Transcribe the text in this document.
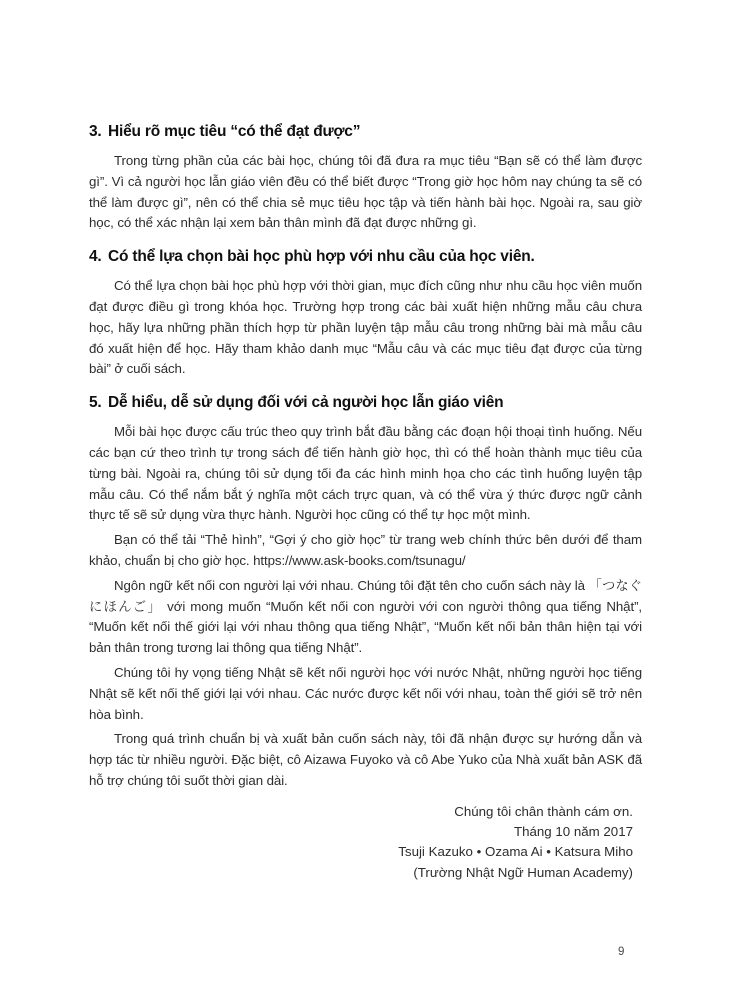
3. Hiểu rõ mục tiêu “có thể đạt được”

Trong từng phần của các bài học, chúng tôi đã đưa ra mục tiêu “Bạn sẽ có thể làm được gì”. Vì cả người học lẫn giáo viên đều có thể biết được “Trong giờ học hôm nay chúng ta sẽ có thể làm được gì”, nên có thể chia sẻ mục tiêu học tập và tiến hành bài học. Ngoài ra, sau giờ học, có thể xác nhận lại xem bản thân mình đã đạt được những gì.

4. Có thể lựa chọn bài học phù hợp với nhu cầu của học viên.

Có thể lựa chọn bài học phù hợp với thời gian, mục đích cũng như nhu cầu học viên muốn đạt được điều gì trong khóa học. Trường hợp trong các bài xuất hiện những mẫu câu chưa học, hãy lựa những phần thích hợp từ phần luyện tập mẫu câu trong những bài mà mẫu câu đó xuất hiện để học. Hãy tham khảo danh mục “Mẫu câu và các mục tiêu đạt được của từng bài” ở cuối sách.

5. Dễ hiểu, dễ sử dụng đối với cả người học lẫn giáo viên

Mỗi bài học được cấu trúc theo quy trình bắt đầu bằng các đoạn hội thoại tình huống. Nếu các bạn cứ theo trình tự trong sách để tiến hành giờ học, thì có thể hoàn thành mục tiêu của từng bài. Ngoài ra, chúng tôi sử dụng tối đa các hình minh họa cho các tình huống luyện tập mẫu câu. Có thể nắm bắt ý nghĩa một cách trực quan, và có thể vừa ý thức được ngữ cảnh thực tế sẽ sử dụng vừa thực hành. Người học cũng có thể tự học một mình.

Bạn có thể tải “Thẻ hình”, “Gợi ý cho giờ học” từ trang web chính thức bên dưới để tham khảo, chuẩn bị cho giờ học. https://www.ask-books.com/tsunagu/

Ngôn ngữ kết nối con người lại với nhau. Chúng tôi đặt tên cho cuốn sách này là 「つなぐにほんご」 với mong muốn “Muốn kết nối con người với con người thông qua tiếng Nhật”, “Muốn kết nối thế giới lại với nhau thông qua tiếng Nhật”, “Muốn kết nối bản thân hiện tại với bản thân trong tương lai thông qua tiếng Nhật”.

Chúng tôi hy vọng tiếng Nhật sẽ kết nối người học với nước Nhật, những người học tiếng Nhật sẽ kết nối thế giới lại với nhau. Các nước được kết nối với nhau, toàn thế giới sẽ trở nên hòa bình.

Trong quá trình chuẩn bị và xuất bản cuốn sách này, tôi đã nhận được sự hướng dẫn và hợp tác từ nhiều người. Đặc biệt, cô Aizawa Fuyoko và cô Abe Yuko của Nhà xuất bản ASK đã hỗ trợ chúng tôi suốt thời gian dài.

Chúng tôi chân thành cám ơn.
Tháng 10 năm 2017
Tsuji Kazuko • Ozama Ai • Katsura Miho
(Trường Nhật Ngữ Human Academy)
9
